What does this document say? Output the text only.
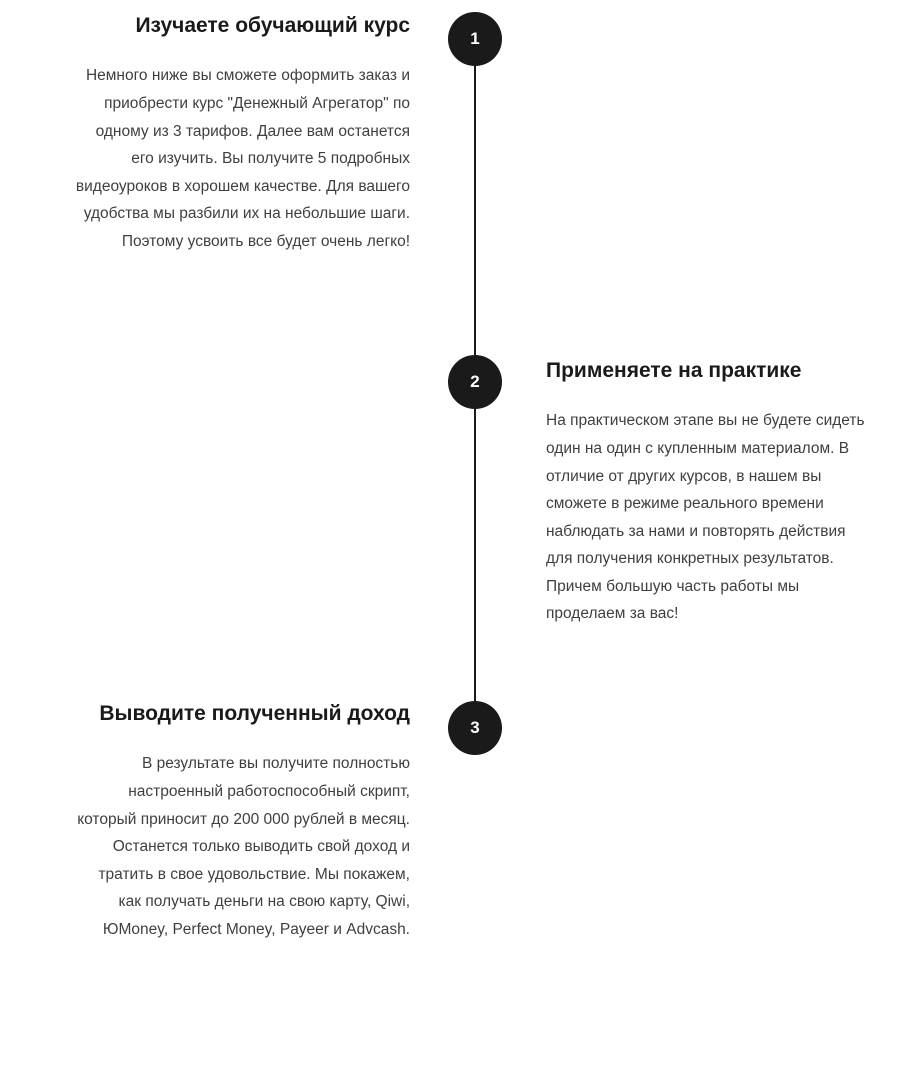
1
Изучаете обучающий курс

Немного ниже вы сможете оформить заказ и приобрести курс "Денежный Агрегатор" по одному из 3 тарифов. Далее вам останется его изучить. Вы получите 5 подробных видеоуроков в хорошем качестве. Для вашего удобства мы разбили их на небольшие шаги. Поэтому усвоить все будет очень легко!

2	Применяете на практике

На практическом этапе вы не будете сидеть один на один с купленным материалом. В отличие от других курсов, в нашем вы сможете в режиме реального времени наблюдать за нами и повторять действия для получения конкретных результатов. Причем большую часть работы мы проделаем за вас!

3
Выводите полученный доход

В результате вы получите полностью настроенный работоспособный скрипт, который приносит до 200 000 рублей в месяц. Останется только выводить свой доход и тратить в свое удовольствие. Мы покажем, как получать деньги на свою карту, Qiwi, ЮMoney, Perfect Money, Payeer и Advcash.
